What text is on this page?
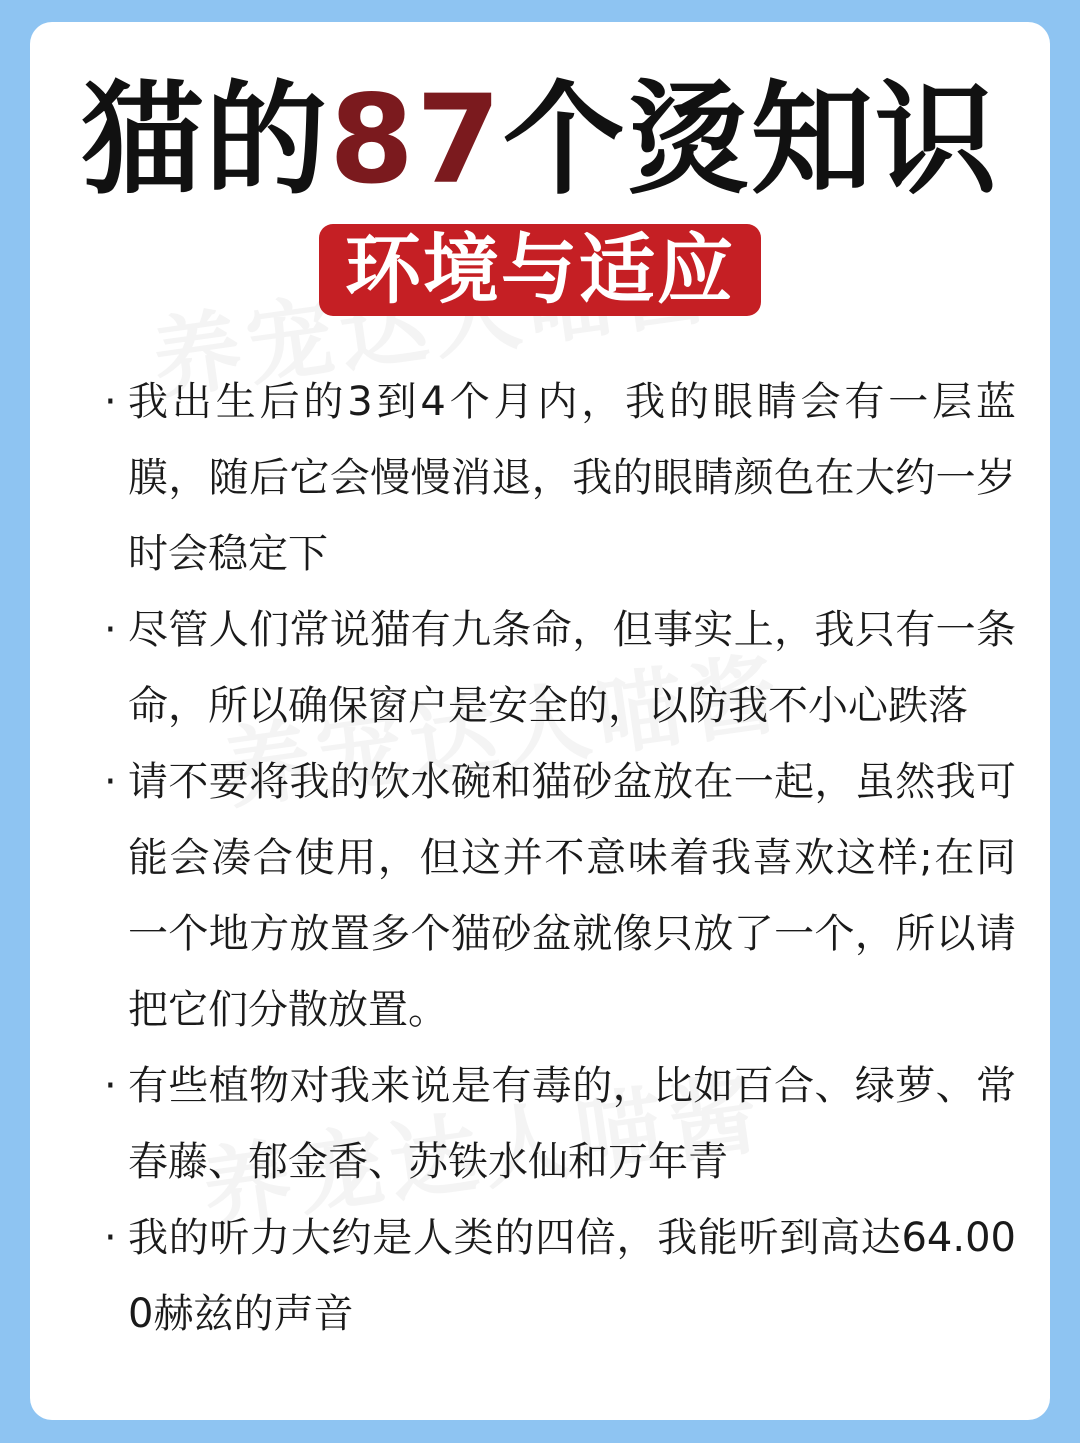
猫的87个烫知识
环境与适应
· 我出生后的3到4个月内，我的眼睛会有一层蓝膜，随后它会慢慢消退，我的眼睛颜色在大约一岁时会稳定下
· 尽管人们常说猫有九条命，但事实上，我只有一条命，所以确保窗户是安全的，以防我不小心跌落
· 请不要将我的饮水碗和猫砂盆放在一起，虽然我可能会凑合使用，但这并不意味着我喜欢这样;在同一个地方放置多个猫砂盆就像只放了一个，所以请把它们分散放置。
· 有些植物对我来说是有毒的，比如百合、绿萝、常春藤、郁金香、苏铁水仙和万年青
· 我的听力大约是人类的四倍，我能听到高达64.000赫兹的声音
